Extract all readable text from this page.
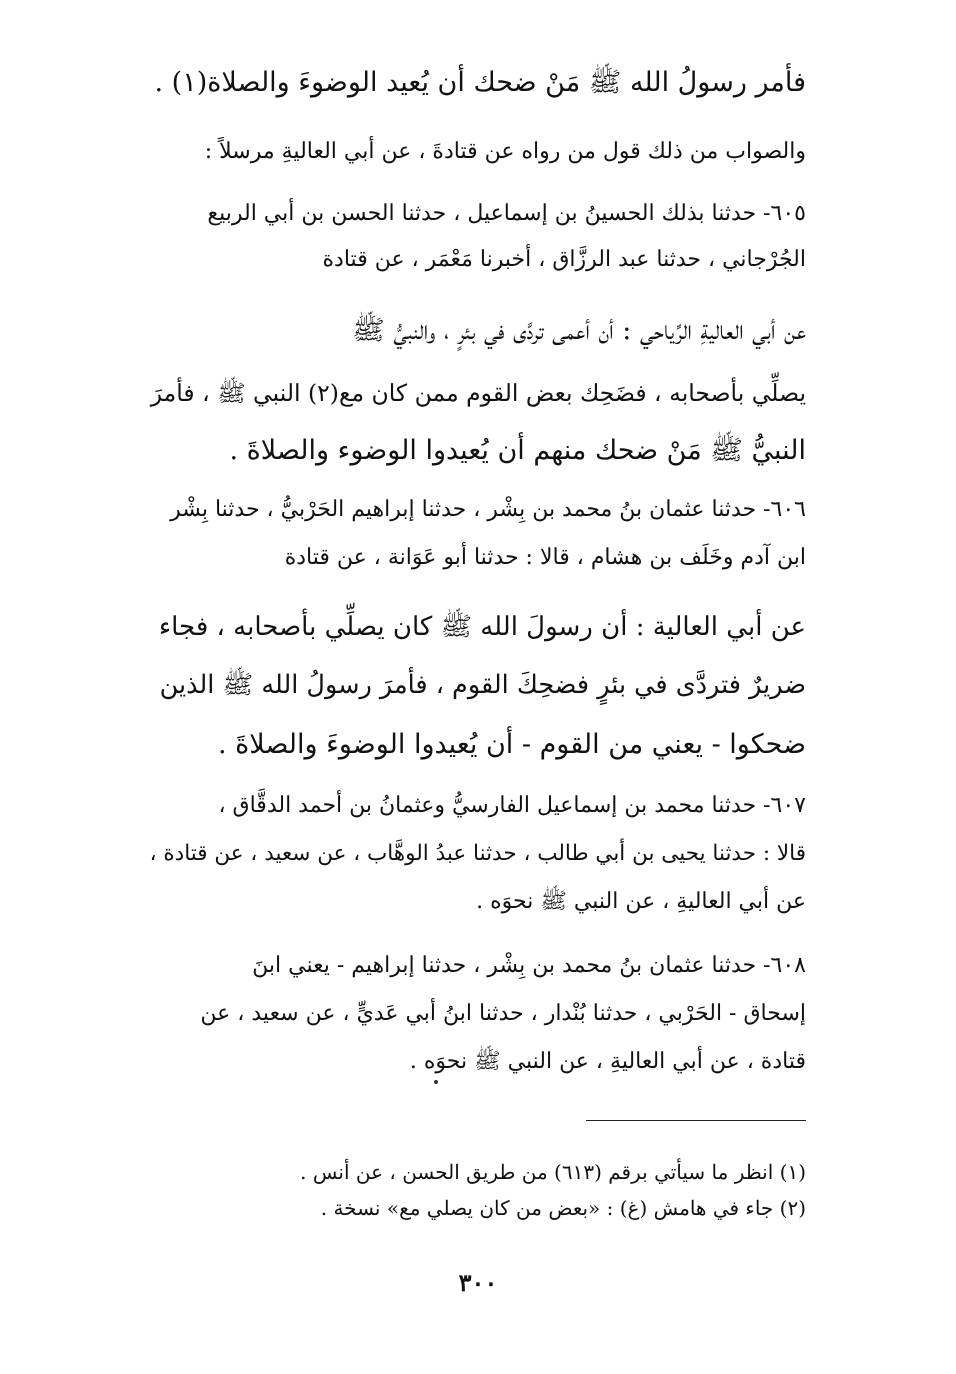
فأمر رسولُ الله ﷺ مَنْ ضحك أن يُعيد الوضوءَ والصلاة(١) .
والصواب من ذلك قول من رواه عن قتادةَ ، عن أبي العاليةِ مرسلاً :
٦٠٥- حدثنا بذلك الحسينُ بن إسماعيل ، حدثنا الحسن بن أبي الربيع
الجُرْجاني ، حدثنا عبد الرزَّاق ، أخبرنا مَعْمَر ، عن قتادة
عن أبي العاليةِ الرِّياحي : أن أعمى تردَّى في بئرٍ ، والنبيُّ ﷺ
يصلِّي بأصحابه ، فضَحِك بعض القوم ممن كان مع(٢) النبي ﷺ ، فأمرَ
النبيُّ ﷺ مَنْ ضحك منهم أن يُعيدوا الوضوء والصلاةَ .
٦٠٦- حدثنا عثمان بنُ محمد بن بِشْر ، حدثنا إبراهيم الحَرْبيُّ ، حدثنا بِشْر
ابن آدم وخَلَف بن هشام ، قالا : حدثنا أبو عَوَانة ، عن قتادة
عن أبي العالية : أن رسولَ الله ﷺ كان يصلِّي بأصحابه ، فجاء
ضريرٌ فتردَّى في بئرٍ فضحِكَ القوم ، فأمرَ رسولُ الله ﷺ الذين
ضحكوا - يعني من القوم - أن يُعيدوا الوضوءَ والصلاةَ .
٦٠٧- حدثنا محمد بن إسماعيل الفارسيُّ وعثمانُ بن أحمد الدقَّاق ،
قالا : حدثنا يحيى بن أبي طالب ، حدثنا عبدُ الوهَّاب ، عن سعيد ، عن قتادة ،
عن أبي العاليةِ ، عن النبي ﷺ نحوَه .
٦٠٨- حدثنا عثمان بنُ محمد بن بِشْر ، حدثنا إبراهيم - يعني ابنَ
إسحاق - الحَرْبي ، حدثنا بُنْدار ، حدثنا ابنُ أبي عَديٍّ ، عن سعيد ، عن
قتادة ، عن أبي العاليةِ ، عن النبي ﷺ نحوَه .
(١) انظر ما سيأتي برقم (٦١٣) من طريق الحسن ، عن أنس .
(٢) جاء في هامش (غ) : «بعض من كان يصلي مع» نسخة .
٣٠٠
